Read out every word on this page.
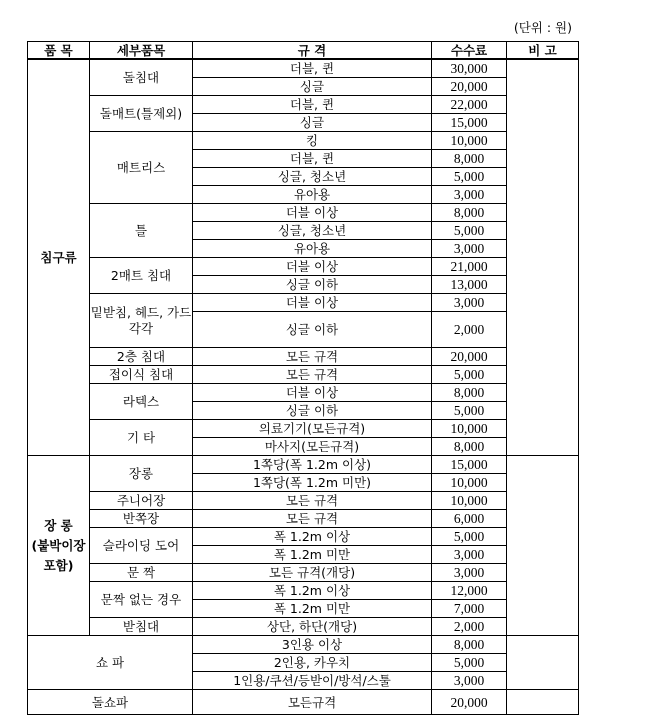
(단위 : 원)
품 목	세부품목	규 격	수수료	비 고

침구류	돌침대	더블, 퀸	30,000	
		싱글	20,000	
	돌매트(틀제외)	더블, 퀸	22,000	
		싱글	15,000	
	매트리스	킹	10,000	
		더블, 퀸	8,000	
		싱글, 청소년	5,000	
		유아용	3,000	
	틀	더블 이상	8,000	
		싱글, 청소년	5,000	
		유아용	3,000	
	2매트 침대	더블 이상	21,000	
		싱글 이하	13,000	
	밑받침, 헤드, 가드 각각	더블 이상	3,000	
		싱글 이하	2,000	
	2층 침대	모든 규격	20,000	
	접이식 침대	모든 규격	5,000	
	라텍스	더블 이상	8,000	
		싱글 이하	5,000	
	기 타	의료기기(모든규격)	10,000	
		마사지(모든규격)	8,000	

장 롱
(붙박이장
포함)	장롱	1쪽당(폭 1.2m 이상)	15,000	
		1쪽당(폭 1.2m 미만)	10,000	
	주니어장	모든 규격	10,000	
	반쪽장	모든 규격	6,000	
	슬라이딩 도어	폭 1.2m 이상	5,000	
		폭 1.2m 미만	3,000	
	문 짝	모든 규격(개당)	3,000	
	문짝 없는 경우	폭 1.2m 이상	12,000	
		폭 1.2m 미만	7,000	
	받침대	상단, 하단(개당)	2,000	
쇼 파		3인용 이상	8,000	
		2인용, 카우치	5,000	
		1인용/쿠션/등받이/방석/스툴	3,000	
돌쇼파		모든규격	20,000	
